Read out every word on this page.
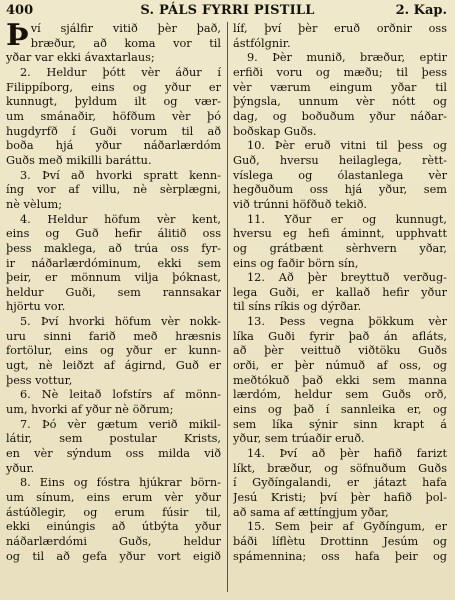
400	S. PÁLS FYRRI PISTILL	2. Kap.
Þ ví sjálfir vitið þèr það,
bræður, að koma vor til
yðar var ekki ávaxtarlaus;
2. Heldur þótt vèr áður í
Filippíborg, eins og yður er
kunnugt, þyldum ilt og vær-
um smánaðir, höfðum vèr þó
hugdyrfð í Guði vorum til að
boða hjá yður náðarlærdóm
Guðs með mikilli baráttu.
3. Því að hvorki spratt kenn-
íng vor af villu, nè sèrplægni,
nè vèlum;
4. Heldur höfum vèr kent,
eins og Guð hefir álitið oss
þess maklega, að trúa oss fyr-
ir náðarlærdóminum, ekki sem
þeir, er mönnum vilja þóknast,
heldur Guði, sem rannsakar
hjörtu vor.
5. Því hvorki höfum vèr nokk-
uru sinni farið með hræsnis
fortölur, eins og yður er kunn-
ugt, nè leiðzt af ágirnd, Guð er
þess vottur,
6. Nè leitað lofstírs af mönn-
um, hvorki af yður nè öðrum;
7. Þó vèr gætum verið mikil-
látir, sem postular Krists,
en vèr sýndum oss milda við
yður.
8. Eins og fóstra hjúkrar börn-
um sínum, eins erum vèr yður
ástúðlegir, og erum fúsir til,
ekki einúngis að útbýta yður
náðarlærdómi Guðs, heldur
og til að gefa yður vort eigið
líf, því þèr eruð orðnir oss
ástfólgnir.
9. Þèr munið, bræður, eptir
erfiði voru og mæðu; til þess
vèr værum eingum yðar til
þýngsla, unnum vèr nótt og
dag, og boðuðum yður náðar-
boðskap Guðs.
10. Þèr eruð vitni til þess og
Guð, hversu heilaglega, rètt-
víslega og ólastanlega vèr
hegðuðum oss hjá yður, sem
við trúnni höfðuð tekið.
11. Yður er og kunnugt,
hversu eg hefi áminnt, upphvatt
og grátbænt sèrhvern yðar,
eins og faðir börn sín,
12. Að þèr breyttuð verðug-
lega Guði, er kallað hefir yður
til síns ríkis og dýrðar.
13. Þess vegna þökkum vèr
líka Guði fyrir það án afláts,
að þèr veittuð viðtöku Guðs
orði, er þèr númuð af oss, og
meðtókuð það ekki sem manna
lærdóm, heldur sem Guðs orð,
eins og það í sannleika er, og
sem líka sýnir sinn krapt á
yður, sem trúaðir eruð.
14. Því að þèr hafið farizt
líkt, bræður, og söfnuðum Guðs
í Gyðíngalandi, er játazt hafa
Jesú Kristi; því þèr hafið þol-
að sama af ættíngjum yðar,
15. Sem þeir af Gyðíngum, er
báði líflètu Drottinn Jesúm og
spámennina; oss hafa þeir og
